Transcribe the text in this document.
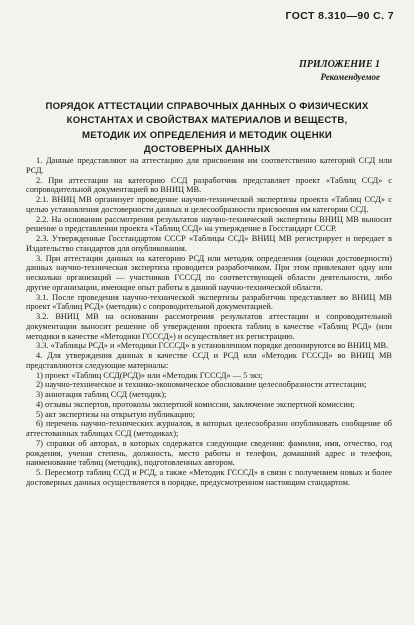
ГОСТ 8.310—90 С. 7
ПРИЛОЖЕНИЕ 1
Рекомендуемое
ПОРЯДОК АТТЕСТАЦИИ СПРАВОЧНЫХ ДАННЫХ О ФИЗИЧЕСКИХ
КОНСТАНТАХ И СВОЙСТВАХ МАТЕРИАЛОВ И ВЕЩЕСТВ,
МЕТОДИК ИХ ОПРЕДЕЛЕНИЯ И МЕТОДИК ОЦЕНКИ
ДОСТОВЕРНЫХ ДАННЫХ

1. Данные представляют на аттестацию для присвоения им соответственно категорий ССД или РСД.

2. При аттестации на категорию ССД разработчик представляет проект «Таблиц ССД» с сопроводительной документацией во ВНИЦ МВ.

2.1. ВНИЦ МВ организует проведение научно-технической экспертизы проекта «Таблиц ССД» с целью установления достоверности данных и целесообразности присвоения им категории ССД.

2.2. На основании рассмотрения результатов научно-технической экспертизы ВНИЦ МВ выносит решение о представлении проекта «Таблиц ССД» на утверждение в Госстандарт СССР.

2.3. Утвержденные Госстандартом СССР «Таблицы ССД» ВНИЦ МВ регистрирует и передает в Издательство стандартов для опубликования.

3. При аттестации данных на категорию РСД или методик определения (оценки достоверности) данных научно-техническая экспертиза проводится разработчиком. При этом привлекают одну или несколько организаций — участников ГСССД по соответствующей области деятельности, либо другие организации, имеющие опыт работы в данной научно-технической области.

3.1. После проведения научно-технической экспертизы разработчик представляет во ВНИЦ МВ проект «Таблиц РСД» (методик) с сопроводительной документацией.

3.2. ВНИЦ МВ на основании рассмотрения результатов аттестации и сопроводительной документации выносит решение об утверждении проекта таблиц в качестве «Таблиц РСД» (или методики в качестве «Методики ГСССД») и осуществляет их регистрацию.

3.3. «Таблицы РСД» и «Методики ГСССД» в установленном порядке депонируются во ВНИЦ МВ.

4. Для утверждения данных в качестве ССД и РСД или «Методик ГСССД» во ВНИЦ МВ представляются следующие материалы:

1) проект «Таблиц ССД(РСД)» или «Методик ГСССД» — 5 экз;

2) научно-техническое и технико-экономическое обоснование целесообразности аттестации;

3) аннотация таблиц ССД (методик);

4) отзывы экспертов, протоколы экспертной комиссии, заключение экспертной комиссии;

5) акт экспертизы на открытую публикацию;

6) перечень научно-технических журналов, в которых целесообразно опубликовать сообщение об аттестованных таблицах ССД (методиках);

7) справки об авторах, в которых содержатся следующие сведения: фамилия, имя, отчество, год рождения, ученая степень, должность, место работы и телефон, домашний адрес и телефон, наименование таблиц (методик), подготовленных автором.

5. Пересмотр таблиц ССД и РСД, а также «Методик ГСССД» в связи с получением новых и более достоверных данных осуществляется в порядке, предусмотренном настоящим стандартом.
